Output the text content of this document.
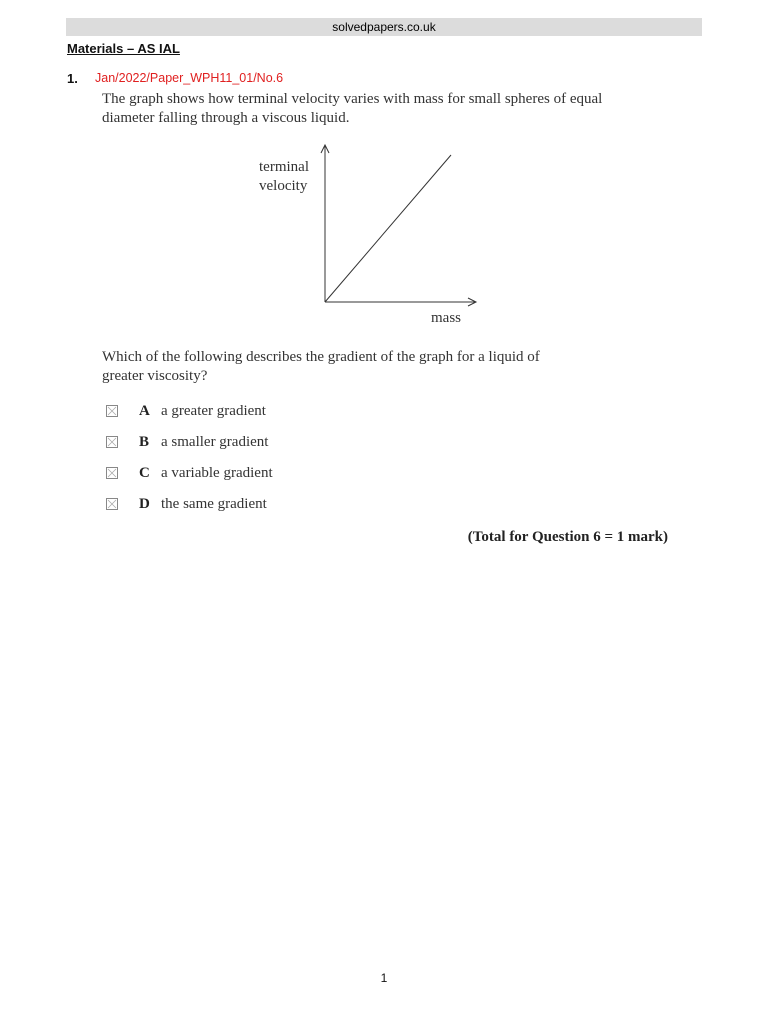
solvedpapers.co.uk
Materials – AS IAL
1. Jan/2022/Paper_WPH11_01/No.6
The graph shows how terminal velocity varies with mass for small spheres of equal
diameter falling through a viscous liquid.
terminal
velocity
mass
Which of the following describes the gradient of the graph for a liquid of
greater viscosity?
A a greater gradient
B a smaller gradient
C a variable gradient
D the same gradient
(Total for Question 6 = 1 mark)
1
